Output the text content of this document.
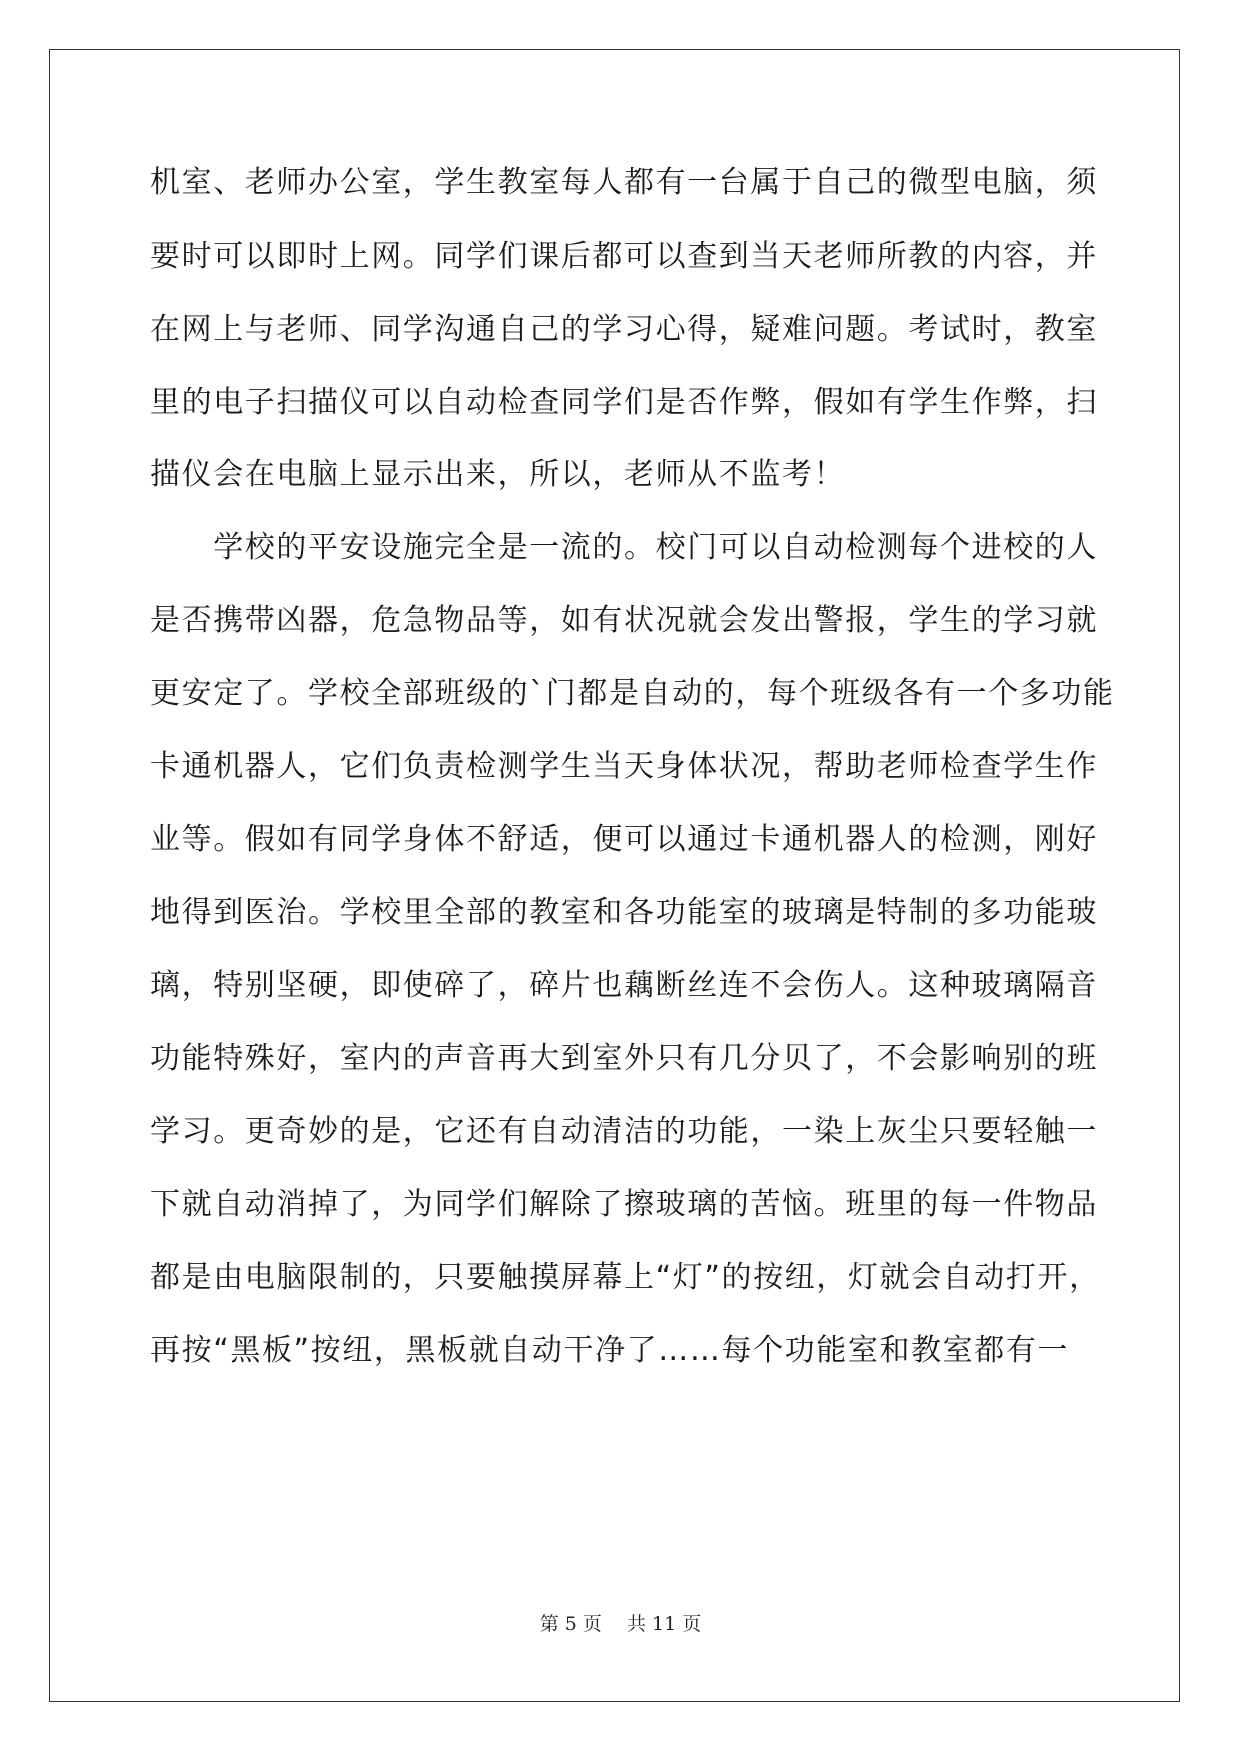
机室、老师办公室，学生教室每人都有一台属于自己的微型电脑，须
要时可以即时上网。同学们课后都可以查到当天老师所教的内容，并
在网上与老师、同学沟通自己的学习心得，疑难问题。考试时，教室
里的电子扫描仪可以自动检查同学们是否作弊，假如有学生作弊，扫
描仪会在电脑上显示出来，所以，老师从不监考！
　　学校的平安设施完全是一流的。校门可以自动检测每个进校的人
是否携带凶器，危急物品等，如有状况就会发出警报，学生的学习就
更安定了。学校全部班级的`门都是自动的，每个班级各有一个多功能
卡通机器人，它们负责检测学生当天身体状况，帮助老师检查学生作
业等。假如有同学身体不舒适，便可以通过卡通机器人的检测，刚好
地得到医治。学校里全部的教室和各功能室的玻璃是特制的多功能玻
璃，特别坚硬，即使碎了，碎片也藕断丝连不会伤人。这种玻璃隔音
功能特殊好，室内的声音再大到室外只有几分贝了，不会影响别的班
学习。更奇妙的是，它还有自动清洁的功能，一染上灰尘只要轻触一
下就自动消掉了，为同学们解除了擦玻璃的苦恼。班里的每一件物品
都是由电脑限制的，只要触摸屏幕上“灯”的按纽，灯就会自动打开，
再按“黑板”按纽，黑板就自动干净了……每个功能室和教室都有一
第 5 页　 共 11 页
